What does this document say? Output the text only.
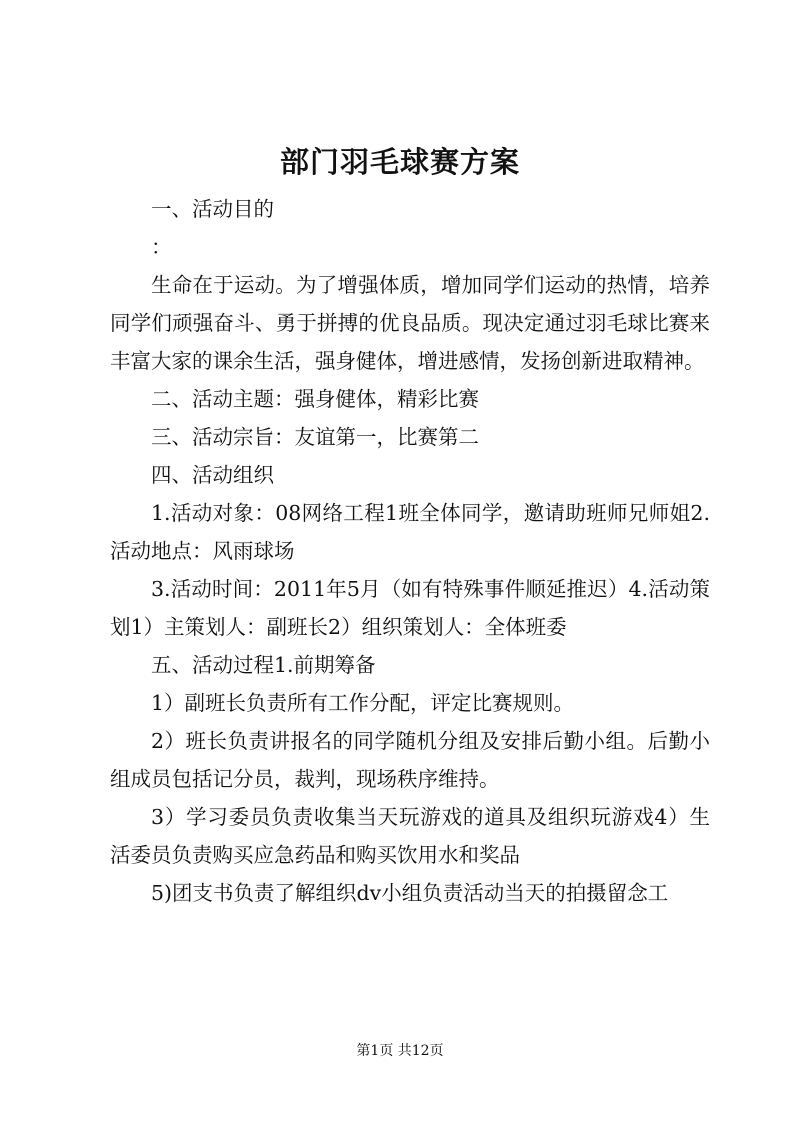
部门羽毛球赛方案

一、活动目的

：

生命在于运动。为了增强体质，增加同学们运动的热情，培养同学们顽强奋斗、勇于拼搏的优良品质。现决定通过羽毛球比赛来丰富大家的课余生活，强身健体，增进感情，发扬创新进取精神。

二、活动主题：强身健体，精彩比赛

三、活动宗旨：友谊第一，比赛第二

四、活动组织

1.活动对象：08网络工程1班全体同学，邀请助班师兄师姐2.活动地点：风雨球场

3.活动时间：2011年5月（如有特殊事件顺延推迟）4.活动策划1）主策划人：副班长2）组织策划人：全体班委

五、活动过程1.前期筹备

1）副班长负责所有工作分配，评定比赛规则。

2）班长负责讲报名的同学随机分组及安排后勤小组。后勤小组成员包括记分员，裁判，现场秩序维持。

3）学习委员负责收集当天玩游戏的道具及组织玩游戏4）生活委员负责购买应急药品和购买饮用水和奖品

5)团支书负责了解组织dv小组负责活动当天的拍摄留念工

第1页 共12页
